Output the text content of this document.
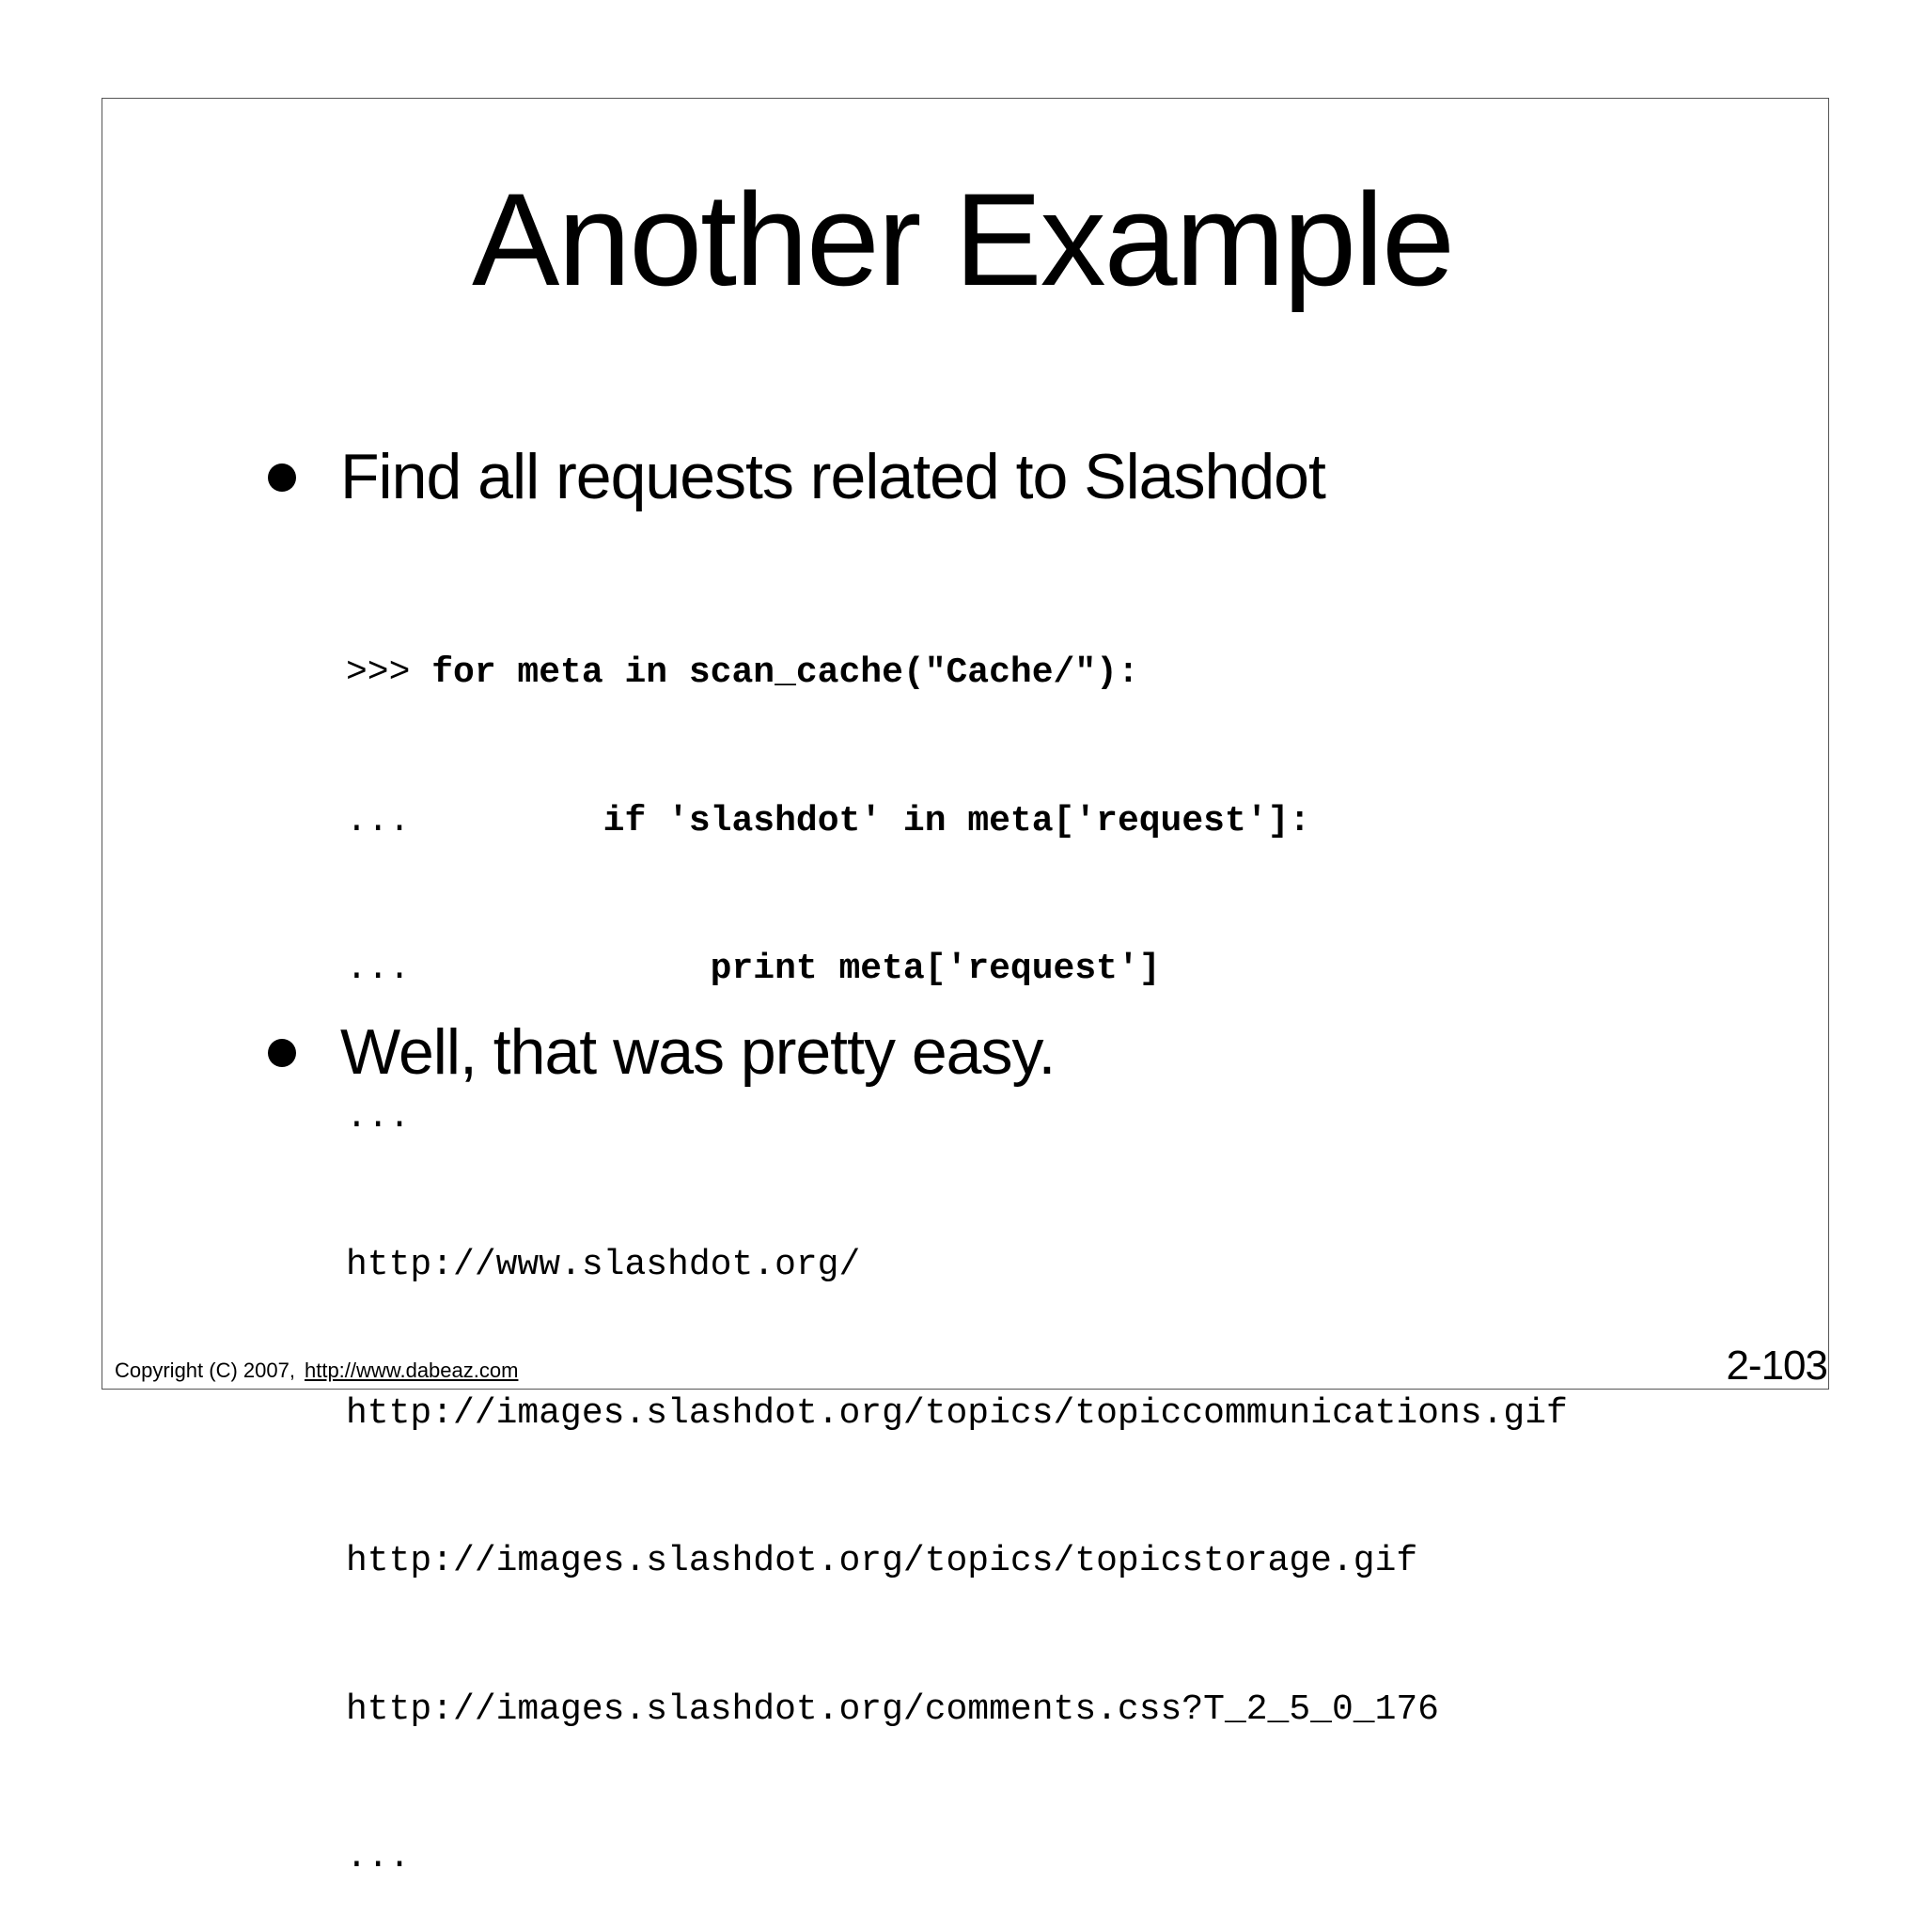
Another Example
Find all requests related to Slashdot

>>> for meta in scan_cache("Cache/"):

...         if 'slashdot' in meta['request']:

...              print meta['request']

...

http://www.slashdot.org/

http://images.slashdot.org/topics/topiccommunications.gif

http://images.slashdot.org/topics/topicstorage.gif

http://images.slashdot.org/comments.css?T_2_5_0_176

...

Well, that was pretty easy.
Copyright (C) 2007, http://www.dabeaz.com	2-103
